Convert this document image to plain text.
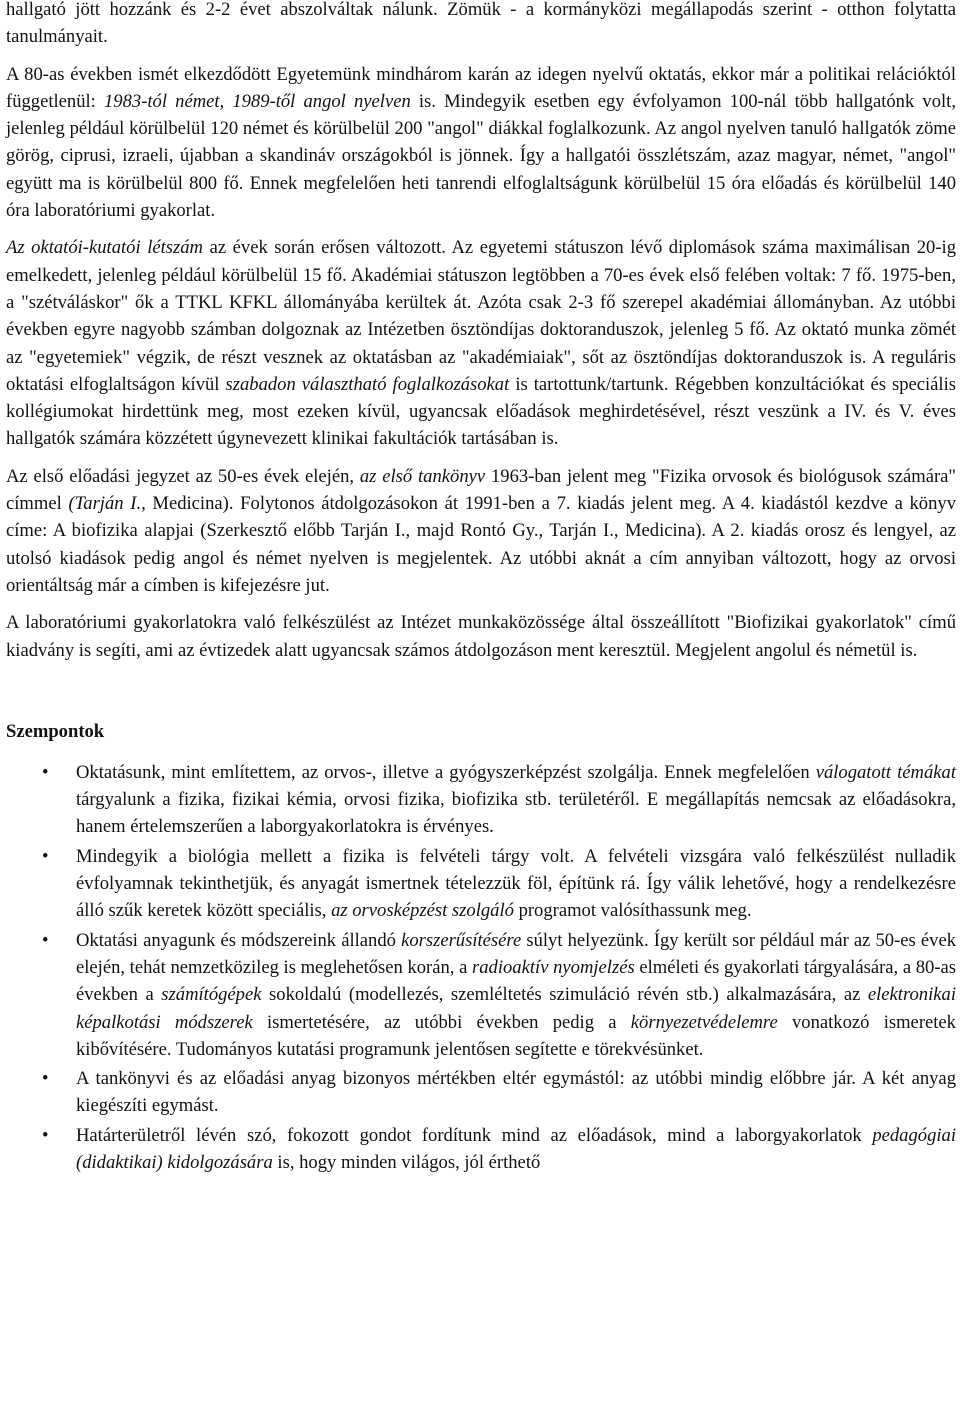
hallgató jött hozzánk és 2-2 évet abszolváltak nálunk. Zömük - a kormányközi megállapodás szerint - otthon folytatta tanulmányait.

A 80-as években ismét elkezdődött Egyetemünk mindhárom karán az idegen nyelvű oktatás, ekkor már a politikai relációktól függetlenül: 1983-tól német, 1989-től angol nyelven is. Mindegyik esetben egy évfolyamon 100-nál több hallgatónk volt, jelenleg például körülbelül 120 német és körülbelül 200 "angol" diákkal foglalkozunk. Az angol nyelven tanuló hallgatók zöme görög, ciprusi, izraeli, újabban a skandináv országokból is jönnek. Így a hallgatói összlétszám, azaz magyar, német, "angol" együtt ma is körülbelül 800 fő. Ennek megfelelően heti tanrendi elfoglaltságunk körülbelül 15 óra előadás és körülbelül 140 óra laboratóriumi gyakorlat.

Az oktatói-kutatói létszám az évek során erősen változott. Az egyetemi státuszon lévő diplomások száma maximálisan 20-ig emelkedett, jelenleg például körülbelül 15 fő. Akadémiai státuszon legtöbben a 70-es évek első felében voltak: 7 fő. 1975-ben, a "szétváláskor" ők a TTKL KFKL állományába kerültek át. Azóta csak 2-3 fő szerepel akadémiai állományban. Az utóbbi években egyre nagyobb számban dolgoznak az Intézetben ösztöndíjas doktoranduszok, jelenleg 5 fő. Az oktató munka zömét az "egyetemiek" végzik, de részt vesznek az oktatásban az "akadémiaiak", sőt az ösztöndíjas doktoranduszok is. A reguláris oktatási elfoglaltságon kívül szabadon választható foglalkozásokat is tartottunk/tartunk. Régebben konzultációkat és speciális kollégiumokat hirdettünk meg, most ezeken kívül, ugyancsak előadások meghirdetésével, részt veszünk a IV. és V. éves hallgatók számára közzétett úgynevezett klinikai fakultációk tartásában is.

Az első előadási jegyzet az 50-es évek elején, az első tankönyv 1963-ban jelent meg "Fizika orvosok és biológusok számára" címmel (Tarján I., Medicina). Folytonos átdolgozásokon át 1991-ben a 7. kiadás jelent meg. A 4. kiadástól kezdve a könyv címe: A biofizika alapjai (Szerkesztő előbb Tarján I., majd Rontó Gy., Tarján I., Medicina). A 2. kiadás orosz és lengyel, az utolsó kiadások pedig angol és német nyelven is megjelentek. Az utóbbi aknát a cím annyiban változott, hogy az orvosi orientáltság már a címben is kifejezésre jut.

A laboratóriumi gyakorlatokra való felkészülést az Intézet munkaközössége által összeállított "Biofizikai gyakorlatok" című kiadvány is segíti, ami az évtizedek alatt ugyancsak számos átdolgozáson ment keresztül. Megjelent angolul és németül is.

Szempontok
• Oktatásunk, mint említettem, az orvos-, illetve a gyógyszerképzést szolgálja. Ennek megfelelően válogatott témákat tárgyalunk a fizika, fizikai kémia, orvosi fizika, biofizika stb. területéről. E megállapítás nemcsak az előadásokra, hanem értelemszerűen a laborgyakorlatokra is érvényes.
• Mindegyik a biológia mellett a fizika is felvételi tárgy volt. A felvételi vizsgára való felkészülést nulladik évfolyamnak tekinthetjük, és anyagát ismertnek tételezzük föl, építünk rá. Így válik lehetővé, hogy a rendelkezésre álló szűk keretek között speciális, az orvosképzést szolgáló programot valósíthassunk meg.
• Oktatási anyagunk és módszereink állandó korszerűsítésére súlyt helyezünk. Így került sor például már az 50-es évek elején, tehát nemzetközileg is meglehetősen korán, a radioaktív nyomjelzés elméleti és gyakorlati tárgyalására, a 80-as években a számítógépek sokoldalú (modellezés, szemléltetés szimuláció révén stb.) alkalmazására, az elektronikai képalkotási módszerek ismertetésére, az utóbbi években pedig a környezetvédelemre vonatkozó ismeretek kibővítésére. Tudományos kutatási programunk jelentősen segítette e törekvésünket.
• A tankönyvi és az előadási anyag bizonyos mértékben eltér egymástól: az utóbbi mindig előbbre jár. A két anyag kiegészíti egymást.
• Határterületről lévén szó, fokozott gondot fordítunk mind az előadások, mind a laborgyakorlatok pedagógiai (didaktikai) kidolgozására is, hogy minden világos, jól érthető
